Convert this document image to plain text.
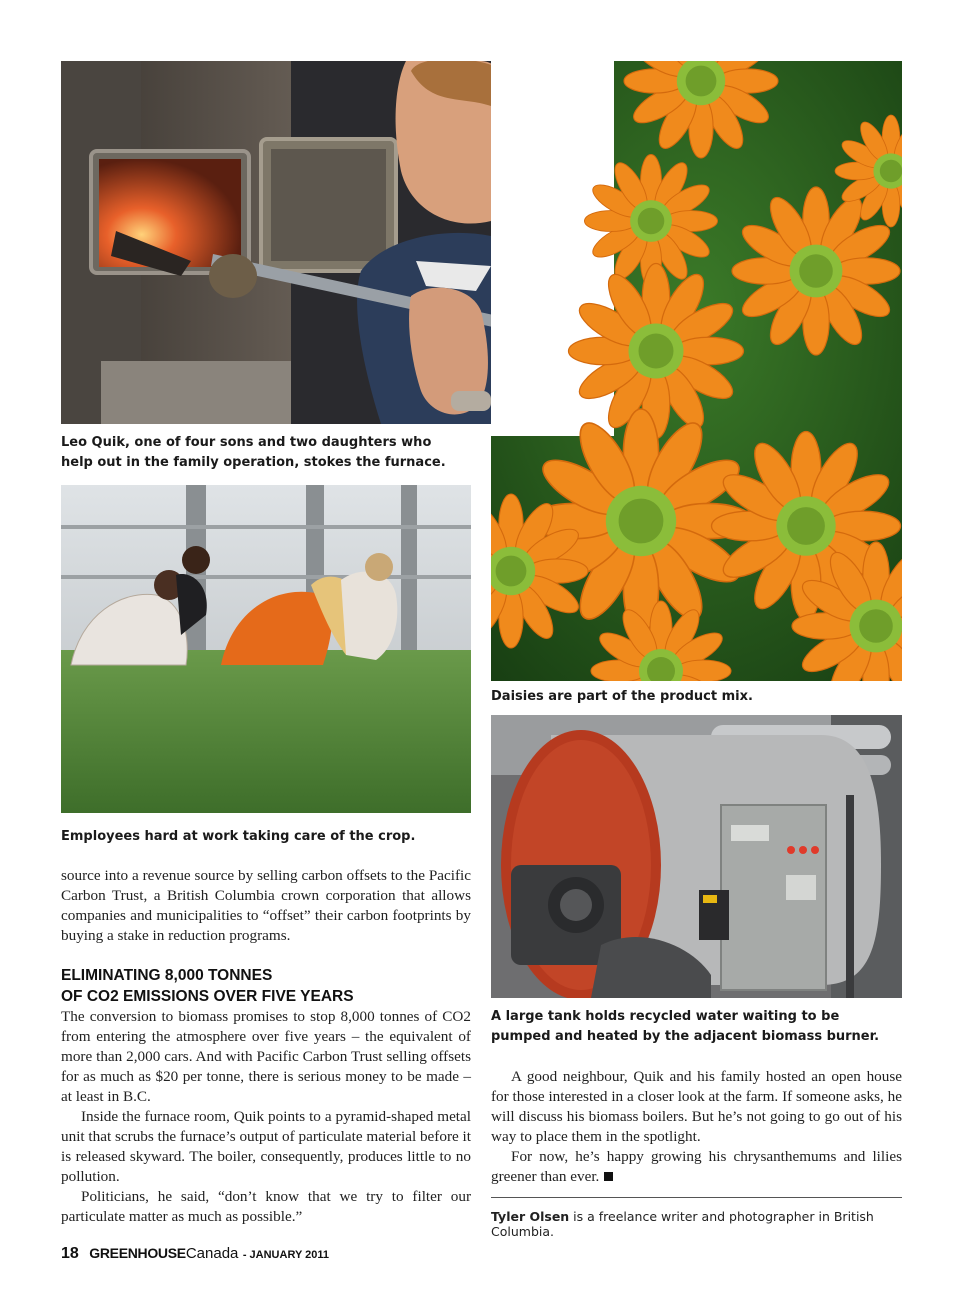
Leo Quik, one of four sons and two daughters who help out in the family operation, stokes the furnace.
Daisies are part of the product mix.
Employees hard at work taking care of the crop.

source into a revenue source by selling carbon offsets to the Pacific Carbon Trust, a British Columbia crown corporation that allows companies and municipalities to “offset” their carbon footprints by buying a stake in reduction programs.

ELIMINATING 8,000 TONNES
OF CO2 EMISSIONS OVER FIVE YEARS

The conversion to biomass promises to stop 8,000 tonnes of CO2 from entering the atmosphere over five years – the equivalent of more than 2,000 cars. And with Pacific Carbon Trust selling offsets for as much as $20 per tonne, there is serious money to be made – at least in B.C.

Inside the furnace room, Quik points to a pyramid-shaped metal unit that scrubs the furnace’s output of particulate material before it is released skyward. The boiler, consequently, produces little to no pollution.

Politicians, he said, “don’t know that we try to filter our particulate matter as much as possible.”

A large tank holds recycled water waiting to be pumped and heated by the adjacent biomass burner.

A good neighbour, Quik and his family hosted an open house for those interested in a closer look at the farm. If someone asks, he will discuss his biomass boilers. But he’s not going to go out of his way to place them in the spotlight.

For now, he’s happy growing his chrysanthemums and lilies greener than ever.

Tyler Olsen is a freelance writer and photographer in British Columbia.
18 GREENHOUSECanada - JANUARY 2011
